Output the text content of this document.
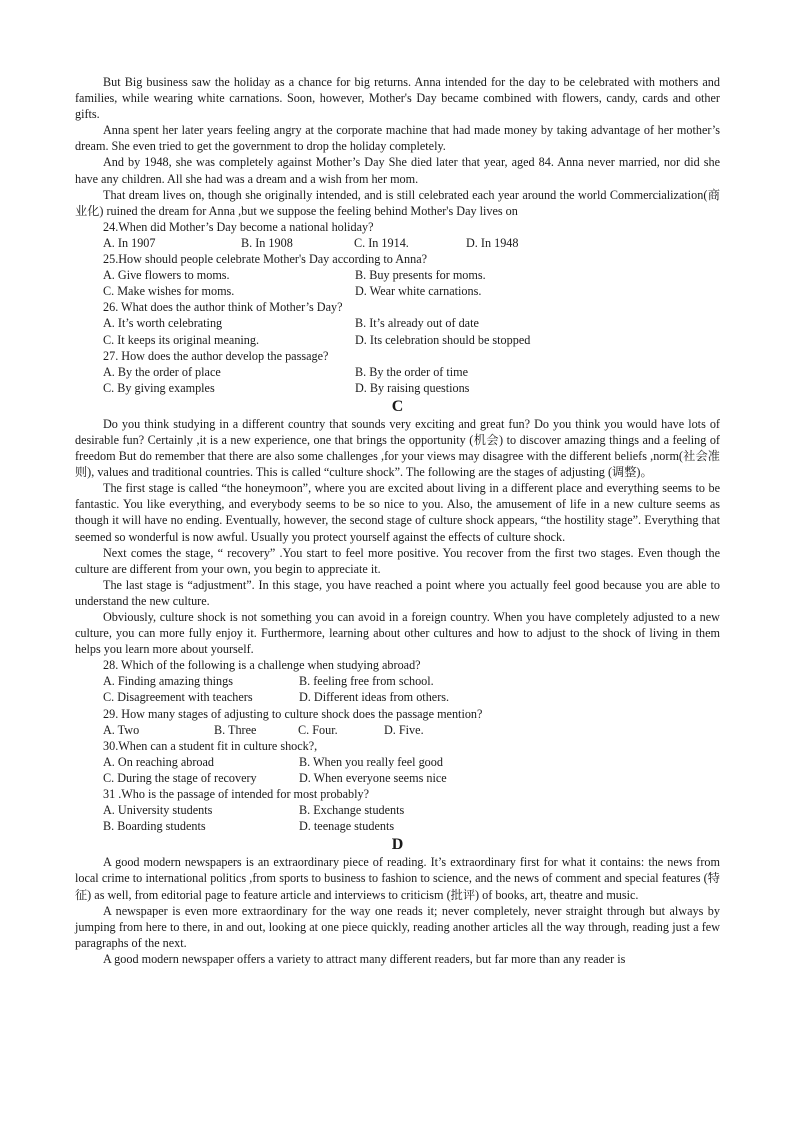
But Big business saw the holiday as a chance for big returns. Anna intended for the day to be celebrated with mothers and families, while wearing white carnations. Soon, however, Mother's Day became combined with flowers, candy, cards and other gifts.

Anna spent her later years feeling angry at the corporate machine that had made money by taking advantage of her mother’s dream. She even tried to get the government to drop the holiday completely.

And by 1948, she was completely against Mother’s Day She died later that year, aged 84. Anna never married, nor did she have any children. All she had was a dream and a wish from her mom.

That dream lives on, though she originally intended, and is still celebrated each year around the world Commercialization(商业化) ruined the dream for Anna ,but we suppose the feeling behind Mother's Day lives on

24.When did Mother’s Day become a national holiday?

A. In 1907	B. In 1908	C. In 1914.	D. In 1948

25.How should people celebrate Mother's Day according to Anna?

A. Give flowers to moms.	B. Buy presents for moms.
C. Make wishes for moms.	D. Wear white carnations.

26. What does the author think of Mother’s Day?

A. It’s worth celebrating	B. It’s already out of date
C. It keeps its original meaning.	D. Its celebration should be stopped

27. How does the author develop the passage?

A. By the order of place	B. By the order of time
C. By giving examples	D. By raising questions
C

Do you think studying in a different country that sounds very exciting and great fun? Do you think you would have lots of desirable fun? Certainly ,it is a new experience, one that brings the opportunity (机会) to discover amazing things and a feeling of freedom But do remember that there are also some challenges ,for your views may disagree with the different beliefs ,norm(社会准则), values and traditional countries. This is called “culture shock”. The following are the stages of adjusting (调整)。

The first stage is called “the honeymoon”, where you are excited about living in a different place and everything seems to be fantastic. You like everything, and everybody seems to be so nice to you. Also, the amusement of life in a new culture seems as though it will have no ending. Eventually, however, the second stage of culture shock appears, “the hostility stage”. Everything that seemed so wonderful is now awful. Usually you protect yourself against the effects of culture shock.

Next comes the stage, “ recovery” .You start to feel more positive. You recover from the first two stages. Even though the culture are different from your own, you begin to appreciate it.

The last stage is “adjustment”. In this stage, you have reached a point where you actually feel good because you are able to understand the new culture.

Obviously, culture shock is not something you can avoid in a foreign country. When you have completely adjusted to a new culture, you can more fully enjoy it. Furthermore, learning about other cultures and how to adjust to the shock of living in them helps you learn more about yourself.

28. Which of the following is a challenge when studying abroad?

A. Finding amazing things	B. feeling free from school.
C. Disagreement with teachers	D. Different ideas from others.

29. How many stages of adjusting to culture shock does the passage mention?

A. Two	B. Three	C. Four.	D. Five.

30.When can a student fit in culture shock?,

A. On reaching abroad	B. When you really feel good
C. During the stage of recovery	D. When everyone seems nice

31 .Who is the passage of intended for most probably?

A. University students	B. Exchange students
B. Boarding students	D. teenage students
D

A good modern newspapers is an extraordinary piece of reading. It’s extraordinary first for what it contains: the news from local crime to international politics ,from sports to business to fashion to science, and the news of comment and special features (特征) as well, from editorial page to feature article and interviews to criticism (批评) of books, art, theatre and music.

A newspaper is even more extraordinary for the way one reads it; never completely, never straight through but always by jumping from here to there, in and out, looking at one piece quickly, reading another articles all the way through, reading just a few paragraphs of the next.

A good modern newspaper offers a variety to attract many different readers, but far more than any reader is
